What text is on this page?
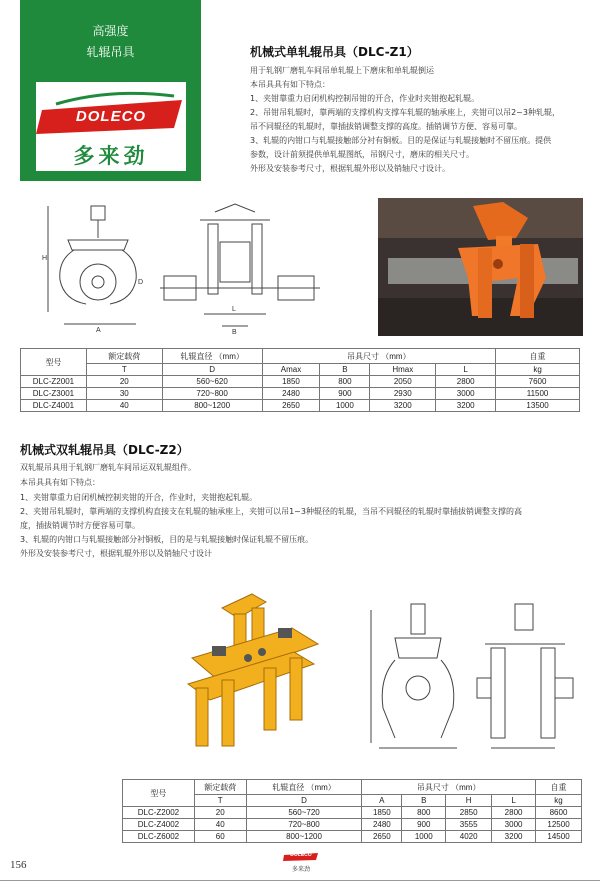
高强度
轧辊吊具
DOLECO
多来劲
机械式单轧辊吊具（DLC-Z1）
用于轧钢厂磨轧车间吊单轧辊上下磨床和单轧辊倒运
本吊具具有如下特点：
1、夹钳靠重力启闭机构控制吊钳的开合，作业时夹钳抱起轧辊。
2、吊钳吊轧辊时，靠两端的支撑机构支撑车轧辊的轴承座上，夹钳可以吊2~3种轧辊，
吊不同辊径的轧辊时，靠插拔销调整支撑的高度。插销调节方便、容易可靠。
3、轧辊的内钳口与轧辊接触部分衬有铜板。目的是保证与轧辊接触时不留压痕。提供
参数，设计前须提供单轧辊图纸，吊钢尺寸，磨床的相关尺寸。
外形及安装参考尺寸，根据轧辊外形以及销轴尺寸设计。
H
D
A
L
B
型号	额定载荷	轧辊直径 （mm）	吊具尺寸 （mm）				自重
	T	D	Amax	B	Hmax	L	kg
DLC-Z2001	20	560~620	1850	800	2050	2800	7600
DLC-Z3001	30	720~800	2480	900	2930	3000	11500
DLC-Z4001	40	800~1200	2650	1000	3200	3200	13500
机械式双轧辊吊具（DLC-Z2）
双轧辊吊具用于轧钢厂磨轧车间吊运双轧辊组件。
本吊具具有如下特点：
1、夹钳靠重力启闭机械控制夹钳的开合，作业时，夹钳抱起轧辊。
2、夹钳吊轧辊时，靠两端的支撑机构直接支在轧辊的轴承座上，夹钳可以吊1~3种辊径的轧辊，当吊不同辊径的轧辊时靠插拔销调整支撑的高
度，插拔销调节时方便容易可靠。
3、轧辊的内钳口与轧辊接触部分衬铜板，目的是与轧辊接触时保证轧辊不留压痕。
外形及安装参考尺寸，根据轧辊外形以及销轴尺寸设计
型号	额定载荷	轧辊直径 （mm）	吊具尺寸 （mm）				自重
	T	D	A	B	H	L	kg
DLC-Z2002	20	560~720	1850	800	2850	2800	8600
DLC-Z4002	40	720~800	2480	900	3555	3000	12500
DLC-Z6002	60	800~1200	2650	1000	4020	3200	14500
156
DOLECO
多来劲
